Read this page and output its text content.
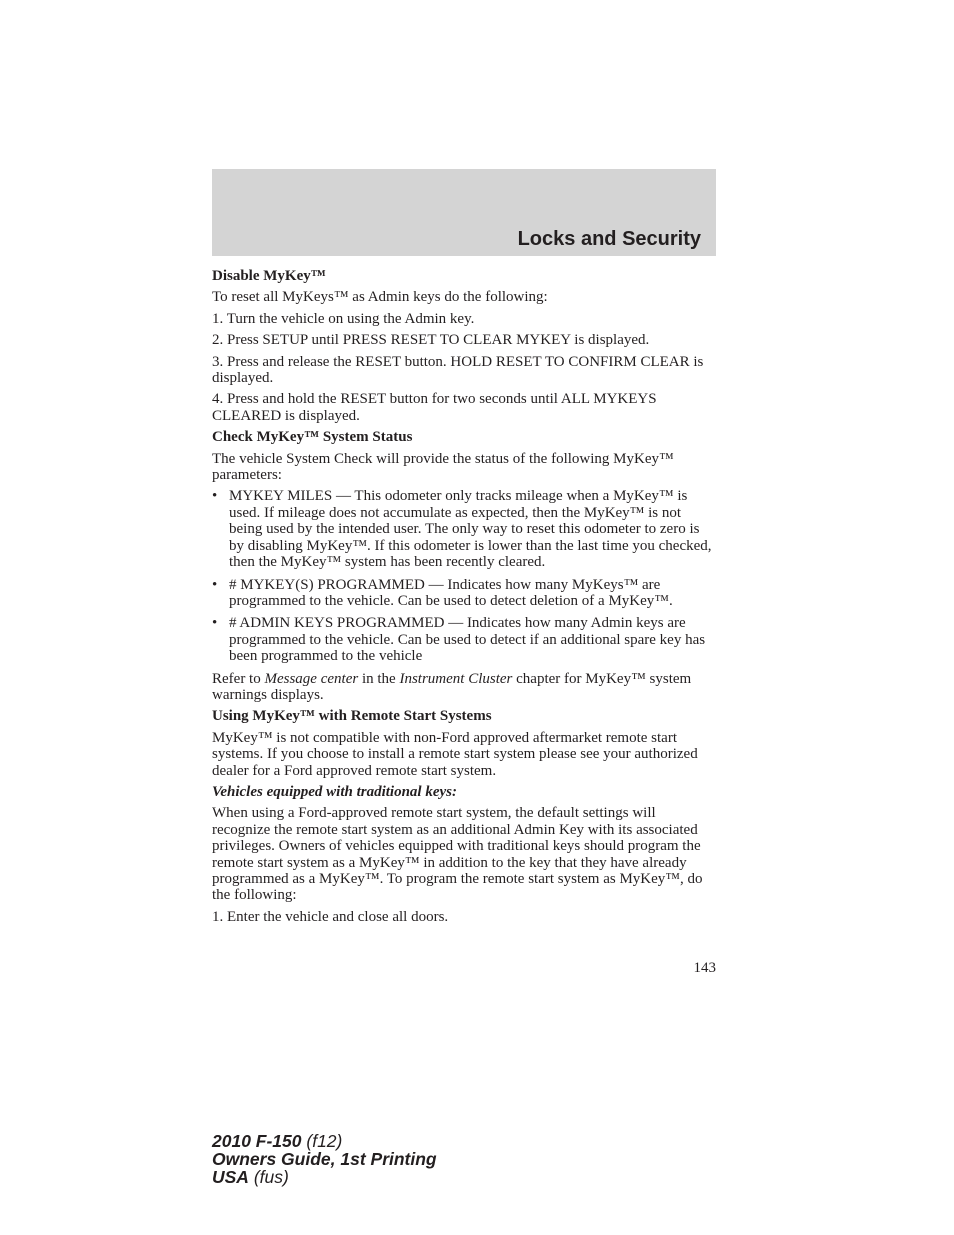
Locks and Security
Disable MyKey™

To reset all MyKeys™ as Admin keys do the following:

1. Turn the vehicle on using the Admin key.

2. Press SETUP until PRESS RESET TO CLEAR MYKEY is displayed.

3. Press and release the RESET button. HOLD RESET TO CONFIRM CLEAR is displayed.

4. Press and hold the RESET button for two seconds until ALL MYKEYS CLEARED is displayed.

Check MyKey™ System Status

The vehicle System Check will provide the status of the following MyKey™ parameters:

• MYKEY MILES — This odometer only tracks mileage when a MyKey™ is used. If mileage does not accumulate as expected, then the MyKey™ is not being used by the intended user. The only way to reset this odometer to zero is by disabling MyKey™. If this odometer is lower than the last time you checked, then the MyKey™ system has been recently cleared.
• # MYKEY(S) PROGRAMMED — Indicates how many MyKeys™ are programmed to the vehicle. Can be used to detect deletion of a MyKey™.
• # ADMIN KEYS PROGRAMMED — Indicates how many Admin keys are programmed to the vehicle. Can be used to detect if an additional spare key has been programmed to the vehicle

Refer to Message center in the Instrument Cluster chapter for MyKey™ system warnings displays.

Using MyKey™ with Remote Start Systems

MyKey™ is not compatible with non-Ford approved aftermarket remote start systems. If you choose to install a remote start system please see your authorized dealer for a Ford approved remote start system.

Vehicles equipped with traditional keys:

When using a Ford-approved remote start system, the default settings will recognize the remote start system as an additional Admin Key with its associated privileges. Owners of vehicles equipped with traditional keys should program the remote start system as a MyKey™ in addition to the key that they have already programmed as a MyKey™. To program the remote start system as MyKey™, do the following:

1. Enter the vehicle and close all doors.

143
2010 F-150 (f12)
Owners Guide, 1st Printing
USA (fus)
